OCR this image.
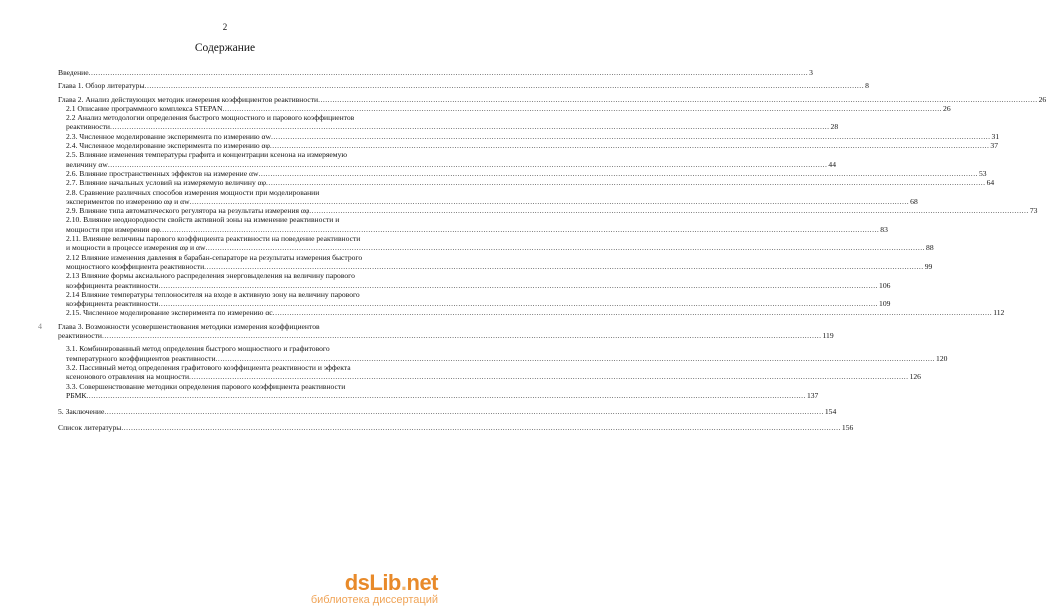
2
Содержание
Введение ............................................................................................................................................................................................................................................................................................................ 3
Глава 1. Обзор литературы ............................................................................................................................................................................................................................................................................................................ 8
Глава 2. Анализ действующих методик измерения коэффициентов реактивности ............................................................................................................................................................................................................................................................................................................ 26
2.1 Описание программного комплекса STEPAN ............................................................................................................................................................................................................................................................................................................ 26
2.2 Анализ методологии определения быстрого мощностного и парового коэффициентов
реактивности ............................................................................................................................................................................................................................................................................................................ 28
2.3. Численное моделирование эксперимента по измерению αw ............................................................................................................................................................................................................................................................................................................ 31
2.4. Численное моделирование эксперимента по измерению αφ ............................................................................................................................................................................................................................................................................................................ 37
2.5. Влияние изменения температуры графита и концентрации ксенона на измеряемую
величину αw ............................................................................................................................................................................................................................................................................................................ 44
2.6. Влияние пространственных эффектов на измерение αw ............................................................................................................................................................................................................................................................................................................ 53
2.7. Влияние начальных условий на измеряемую величину αφ ............................................................................................................................................................................................................................................................................................................ 64
2.8. Сравнение различных способов измерения мощности при моделировании
экспериментов по измерению αφ и αw ............................................................................................................................................................................................................................................................................................................ 68
2.9. Влияние типа автоматического регулятора на результаты измерения αφ ............................................................................................................................................................................................................................................................................................................ 73
2.10. Влияние неоднородности свойств активной зоны на изменение реактивности и
мощности при измерении αφ ............................................................................................................................................................................................................................................................................................................ 83
2.11. Влияние величины парового коэффициента реактивности на поведение реактивности
и мощности в процессе измерения αφ и αw ............................................................................................................................................................................................................................................................................................................ 88
2.12 Влияние изменения давления в барабан-сепараторе на результаты измерения быстрого
мощностного коэффициента реактивности ............................................................................................................................................................................................................................................................................................................ 99
2.13 Влияние формы аксиального распределения энерговыделения на величину парового
коэффициента реактивности ............................................................................................................................................................................................................................................................................................................ 106
2.14 Влияние температуры теплоносителя на входе в активную зону на величину парового
коэффициента реактивности ............................................................................................................................................................................................................................................................................................................ 109
2.15. Численное моделирование эксперимента по измерению αc ............................................................................................................................................................................................................................................................................................................ 112
Глава 3. Возможности усовершенствования методики измерения коэффициентов
реактивности ............................................................................................................................................................................................................................................................................................................ 119
3.1. Комбинированный метод определения быстрого мощностного и графитового
температурного коэффициентов реактивности ............................................................................................................................................................................................................................................................................................................ 120
3.2. Пассивный метод определения графитового коэффициента реактивности и эффекта
ксенонового отравления на мощности ............................................................................................................................................................................................................................................................................................................ 126
3.3. Совершенствование методики определения парового коэффициента реактивности
РБМК ............................................................................................................................................................................................................................................................................................................ 137
5. Заключение ............................................................................................................................................................................................................................................................................................................ 154
Список литературы ............................................................................................................................................................................................................................................................................................................ 156
4
dsLib.net
библиотека диссертаций
